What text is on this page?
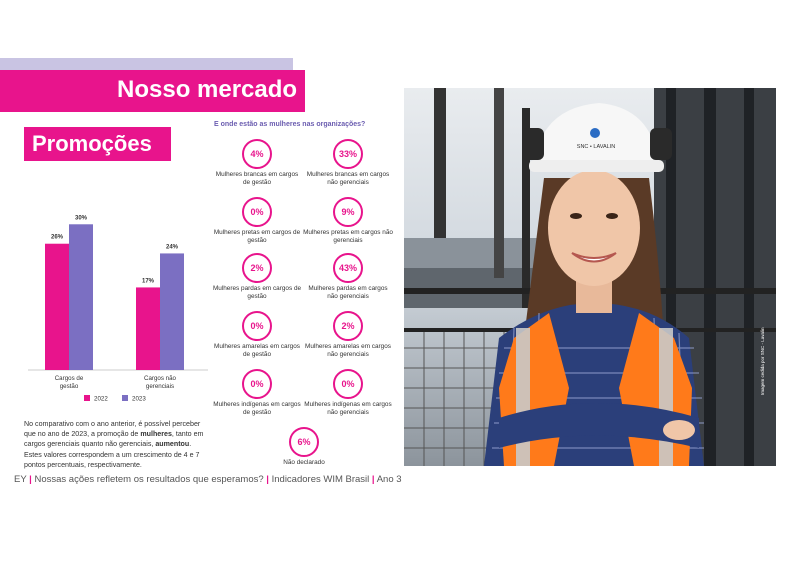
Nosso mercado
Promoções
E onde estão as mulheres nas organizações?
26%
30%
Cargos de
gestão
17%
24%
Cargos não
gerenciais
2022	2023
4%
Mulheres brancas em cargos de gestão
33%
Mulheres brancas em cargos não gerenciais
0%
Mulheres pretas em cargos de gestão
9%
Mulheres pretas em cargos não gerenciais
2%
Mulheres pardas em cargos de gestão
43%
Mulheres pardas em cargos não gerenciais
0%
Mulheres amarelas em cargos de gestão
2%
Mulheres amarelas em cargos não gerenciais
0%
Mulheres indígenas em cargos de gestão
0%
Mulheres indígenas em cargos não gerenciais
6%
Não declarado
No comparativo com o ano anterior, é possível perceber que no ano de 2023, a promoção de mulheres, tanto em cargos gerenciais quanto não gerenciais, aumentou. Estes valores correspondem a um crescimento de 4 e 7 pontos percentuais, respectivamente.
EY | Nossas ações refletem os resultados que esperamos? | Indicadores WIM Brasil | Ano 3
SNC • LAVALIN
Imagem cedida por SNC - Lavalin
